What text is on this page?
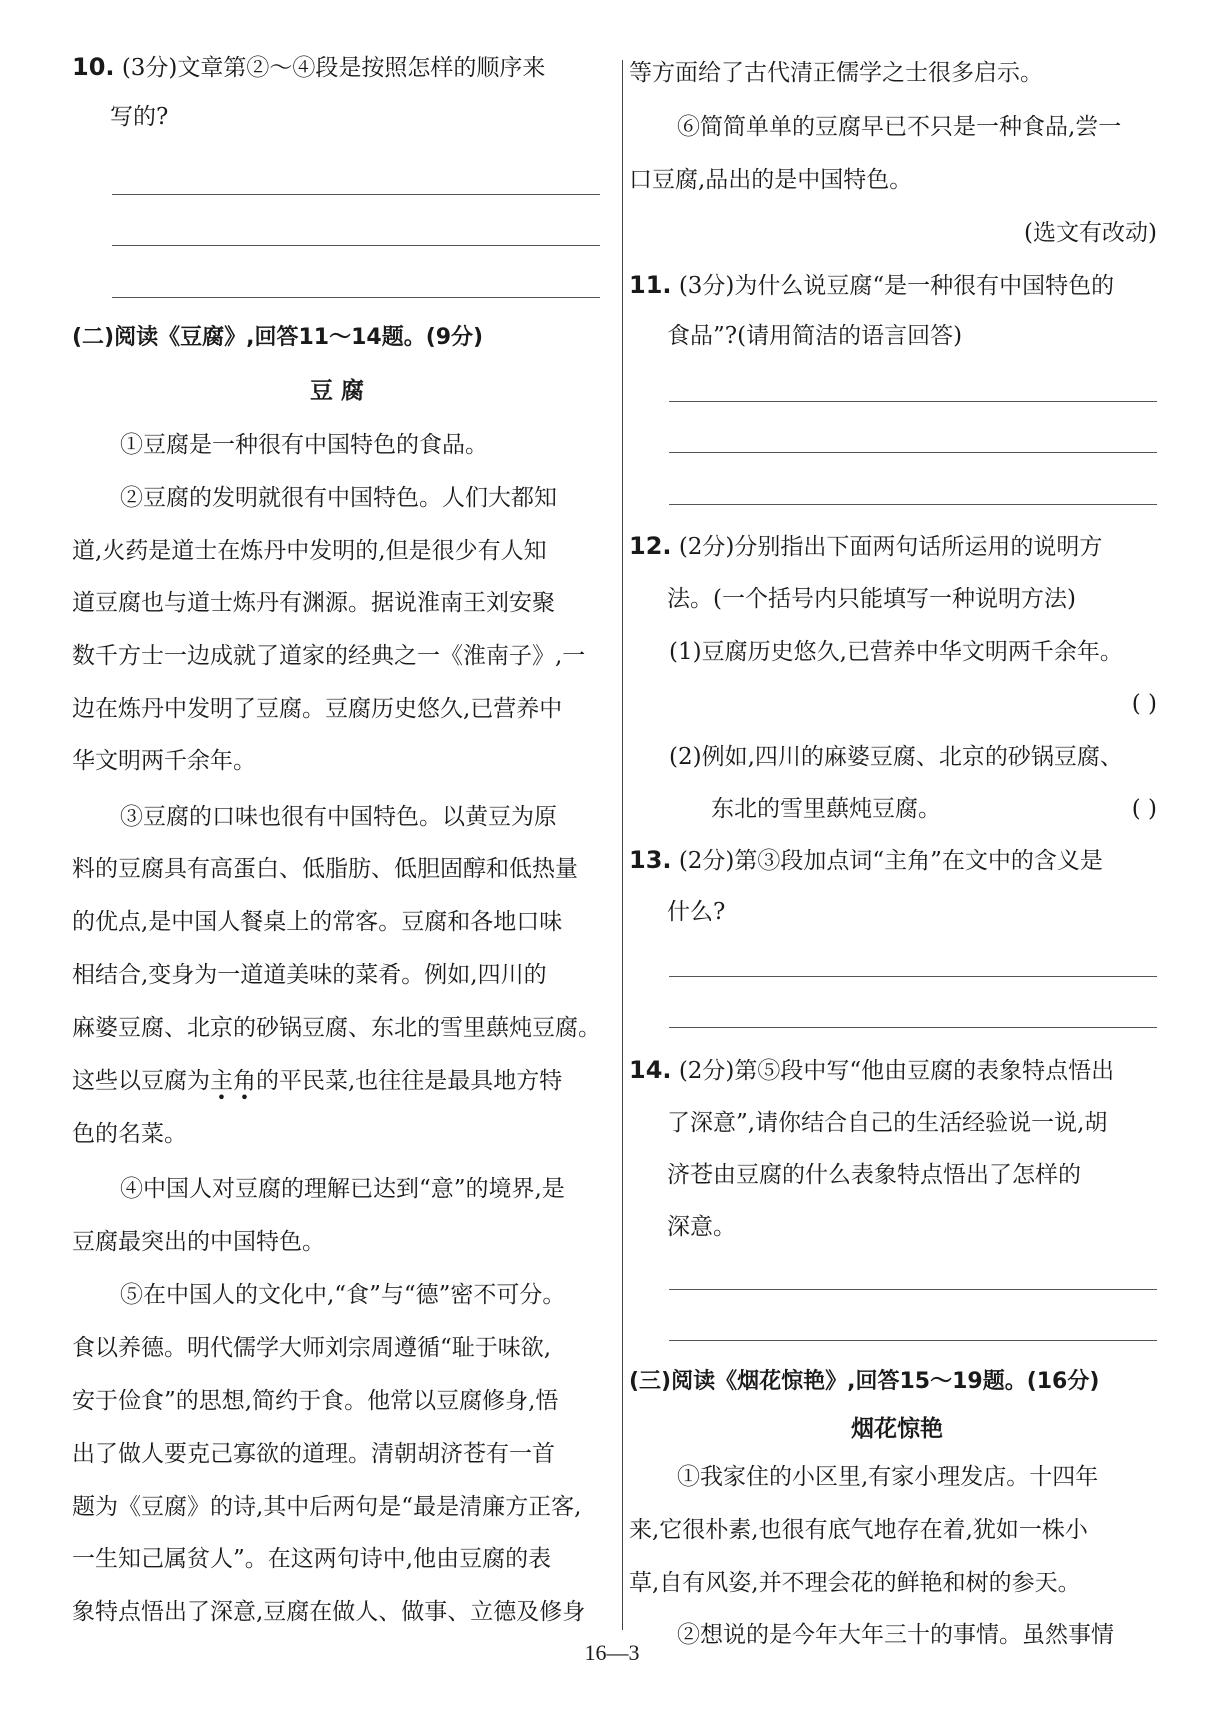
10. (3分)文章第②～④段是按照怎样的顺序来
写的?
(二)阅读《豆腐》,回答11～14题。(9分)
豆 腐
①豆腐是一种很有中国特色的食品。
②豆腐的发明就很有中国特色。人们大都知
道,火药是道士在炼丹中发明的,但是很少有人知
道豆腐也与道士炼丹有渊源。据说淮南王刘安聚
数千方士一边成就了道家的经典之一《淮南子》,一
边在炼丹中发明了豆腐。豆腐历史悠久,已营养中
华文明两千余年。
③豆腐的口味也很有中国特色。以黄豆为原
料的豆腐具有高蛋白、低脂肪、低胆固醇和低热量
的优点,是中国人餐桌上的常客。豆腐和各地口味
相结合,变身为一道道美味的菜肴。例如,四川的
麻婆豆腐、北京的砂锅豆腐、东北的雪里蕻炖豆腐。
这些以豆腐为主角的平民菜,也往往是最具地方特
色的名菜。
④中国人对豆腐的理解已达到“意”的境界,是
豆腐最突出的中国特色。
⑤在中国人的文化中,“食”与“德”密不可分。
食以养德。明代儒学大师刘宗周遵循“耻于味欲,
安于俭食”的思想,简约于食。他常以豆腐修身,悟
出了做人要克己寡欲的道理。清朝胡济苍有一首
题为《豆腐》的诗,其中后两句是“最是清廉方正客,
一生知己属贫人”。在这两句诗中,他由豆腐的表
象特点悟出了深意,豆腐在做人、做事、立德及修身
等方面给了古代清正儒学之士很多启示。
⑥简简单单的豆腐早已不只是一种食品,尝一
口豆腐,品出的是中国特色。
(选文有改动)
11. (3分)为什么说豆腐“是一种很有中国特色的
食品”?(请用简洁的语言回答)
12. (2分)分别指出下面两句话所运用的说明方
法。(一个括号内只能填写一种说明方法)
(1)豆腐历史悠久,已营养中华文明两千余年。
( )
(2)例如,四川的麻婆豆腐、北京的砂锅豆腐、
东北的雪里蕻炖豆腐。	( )
13. (2分)第③段加点词“主角”在文中的含义是
什么?
14. (2分)第⑤段中写“他由豆腐的表象特点悟出
了深意”,请你结合自己的生活经验说一说,胡
济苍由豆腐的什么表象特点悟出了怎样的
深意。
(三)阅读《烟花惊艳》,回答15～19题。(16分)
烟花惊艳
①我家住的小区里,有家小理发店。十四年
来,它很朴素,也很有底气地存在着,犹如一株小
草,自有风姿,并不理会花的鲜艳和树的参天。
②想说的是今年大年三十的事情。虽然事情
16—3
